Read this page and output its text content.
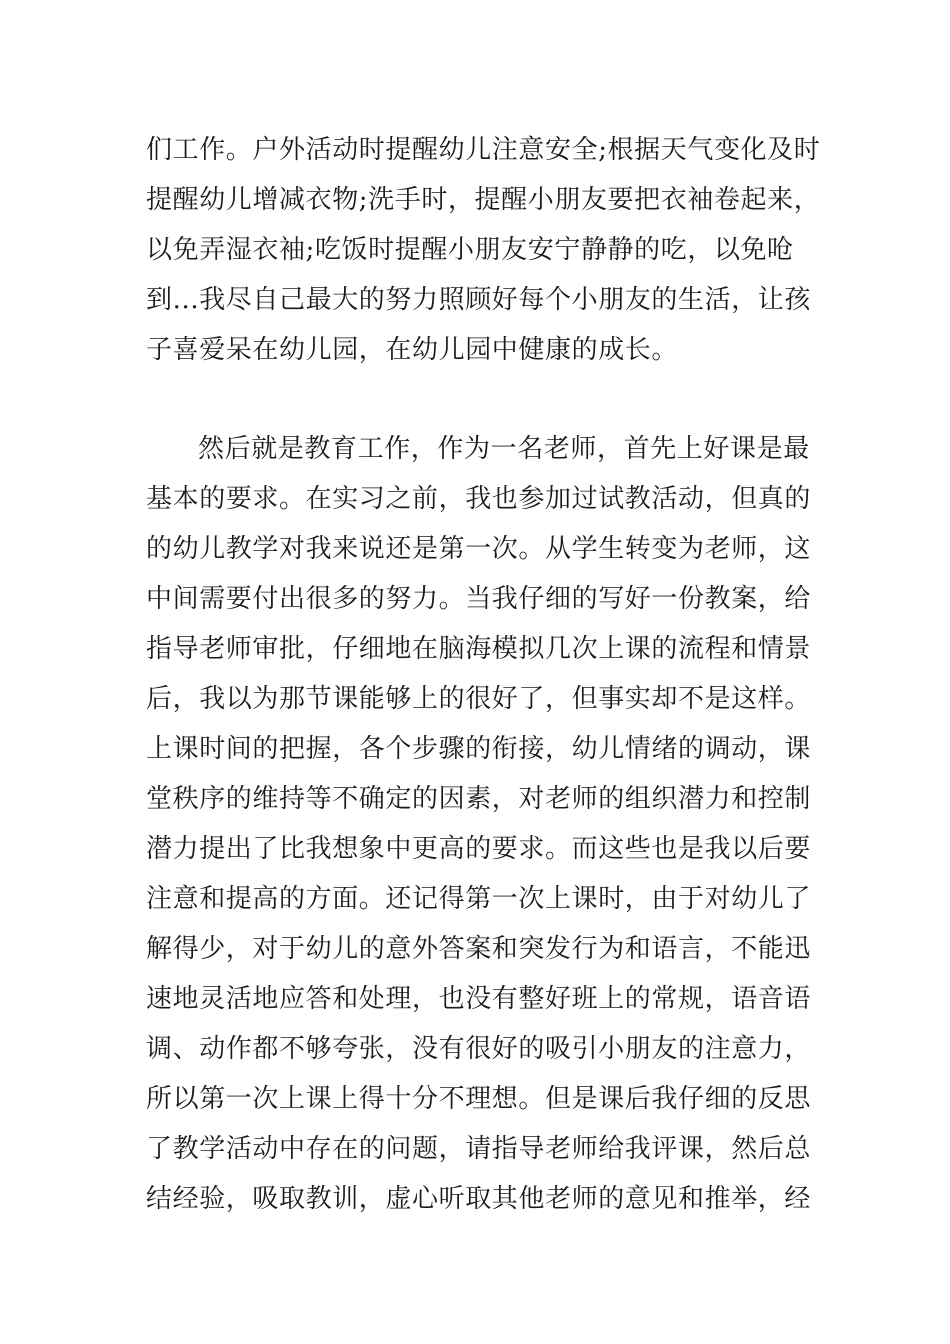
们工作。户外活动时提醒幼儿注意安全;根据天气变化及时
提醒幼儿增减衣物;洗手时，提醒小朋友要把衣袖卷起来，
以免弄湿衣袖;吃饭时提醒小朋友安宁静静的吃，以免呛
到...我尽自己最大的努力照顾好每个小朋友的生活，让孩
子喜爱呆在幼儿园，在幼儿园中健康的成长。
然后就是教育工作，作为一名老师，首先上好课是最
基本的要求。在实习之前，我也参加过试教活动，但真的
的幼儿教学对我来说还是第一次。从学生转变为老师，这
中间需要付出很多的努力。当我仔细的写好一份教案，给
指导老师审批，仔细地在脑海模拟几次上课的流程和情景
后，我以为那节课能够上的很好了，但事实却不是这样。
上课时间的把握，各个步骤的衔接，幼儿情绪的调动，课
堂秩序的维持等不确定的因素，对老师的组织潜力和控制
潜力提出了比我想象中更高的要求。而这些也是我以后要
注意和提高的方面。还记得第一次上课时，由于对幼儿了
解得少，对于幼儿的意外答案和突发行为和语言，不能迅
速地灵活地应答和处理，也没有整好班上的常规，语音语
调、动作都不够夸张，没有很好的吸引小朋友的注意力，
所以第一次上课上得十分不理想。但是课后我仔细的反思
了教学活动中存在的问题，请指导老师给我评课，然后总
结经验，吸取教训，虚心听取其他老师的意见和推举，经
